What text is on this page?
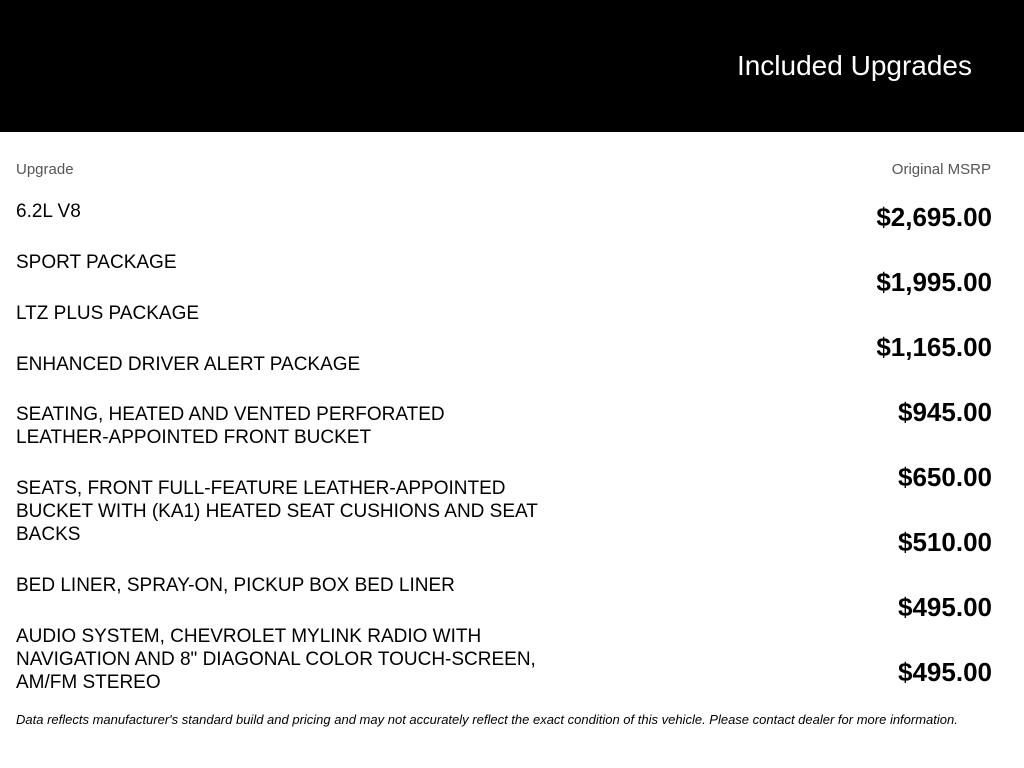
Included Upgrades
Upgrade	Original MSRP
6.2L V8
SPORT PACKAGE
LTZ PLUS PACKAGE
ENHANCED DRIVER ALERT PACKAGE
SEATING, HEATED AND VENTED PERFORATED LEATHER-APPOINTED FRONT BUCKET
SEATS, FRONT FULL-FEATURE LEATHER-APPOINTED BUCKET WITH (KA1) HEATED SEAT CUSHIONS AND SEAT BACKS
BED LINER, SPRAY-ON, PICKUP BOX BED LINER
AUDIO SYSTEM, CHEVROLET MYLINK RADIO WITH NAVIGATION AND 8" DIAGONAL COLOR TOUCH-SCREEN, AM/FM STEREO
$2,695.00
$1,995.00
$1,165.00
$945.00
$650.00
$510.00
$495.00
$495.00
Data reflects manufacturer's standard build and pricing and may not accurately reflect the exact condition of this vehicle. Please contact dealer for more information.
